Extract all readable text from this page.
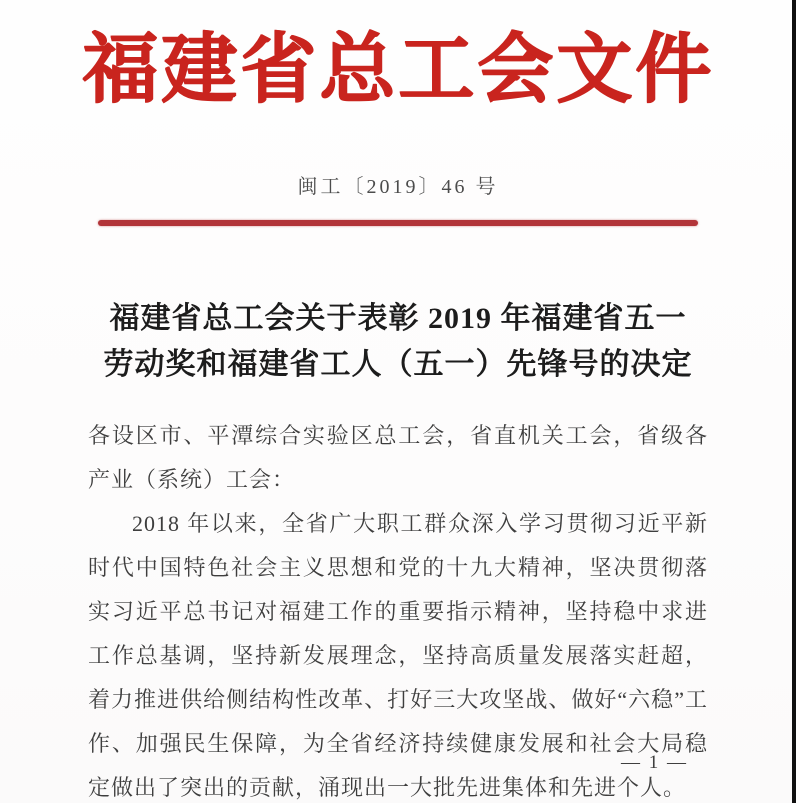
福建省总工会文件
闽工〔2019〕46 号
福建省总工会关于表彰 2019 年福建省五一
劳动奖和福建省工人（五一）先锋号的决定

各设区市、平潭综合实验区总工会，省直机关工会，省级各产业（系统）工会：

2018 年以来，全省广大职工群众深入学习贯彻习近平新时代中国特色社会主义思想和党的十九大精神，坚决贯彻落实习近平总书记对福建工作的重要指示精神，坚持稳中求进工作总基调，坚持新发展理念，坚持高质量发展落实赶超，着力推进供给侧结构性改革、打好三大攻坚战、做好“六稳”工作、加强民生保障，为全省经济持续健康发展和社会大局稳定做出了突出的贡献，涌现出一大批先进集体和先进个人。

— 1 —
